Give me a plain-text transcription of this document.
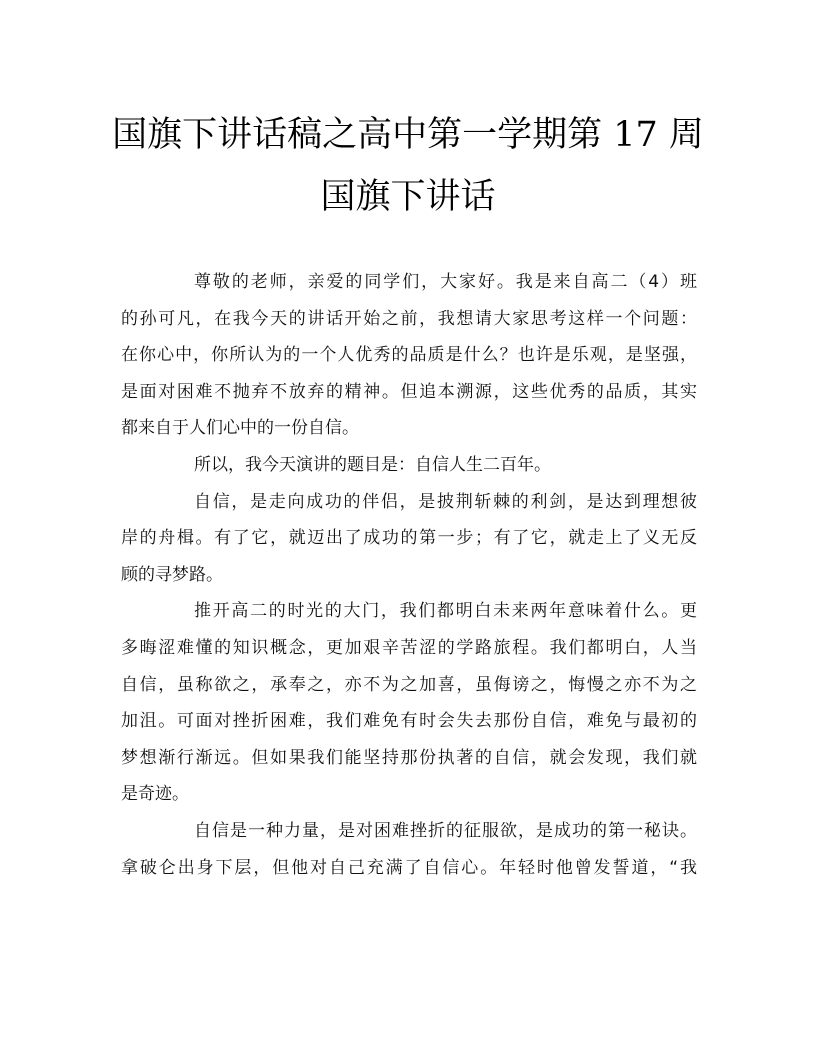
国旗下讲话稿之高中第一学期第 17 周
国旗下讲话
尊敬的老师，亲爱的同学们，大家好。我是来自高二（4）班
的孙可凡，在我今天的讲话开始之前，我想请大家思考这样一个问题：
在你心中，你所认为的一个人优秀的品质是什么？也许是乐观，是坚强，
是面对困难不抛弃不放弃的精神。但追本溯源，这些优秀的品质，其实
都来自于人们心中的一份自信。
所以，我今天演讲的题目是：自信人生二百年。
自信，是走向成功的伴侣，是披荆斩棘的利剑，是达到理想彼
岸的舟楫。有了它，就迈出了成功的第一步；有了它，就走上了义无反
顾的寻梦路。
推开高二的时光的大门，我们都明白未来两年意味着什么。更
多晦涩难懂的知识概念，更加艰辛苦涩的学路旅程。我们都明白，人当
自信，虽称欲之，承奉之，亦不为之加喜，虽侮谤之，悔慢之亦不为之
加沮。可面对挫折困难，我们难免有时会失去那份自信，难免与最初的
梦想渐行渐远。但如果我们能坚持那份执著的自信，就会发现，我们就
是奇迹。
自信是一种力量，是对困难挫折的征服欲，是成功的第一秘诀。
拿破仑出身下层，但他对自己充满了自信心。年轻时他曾发誓道，“我
